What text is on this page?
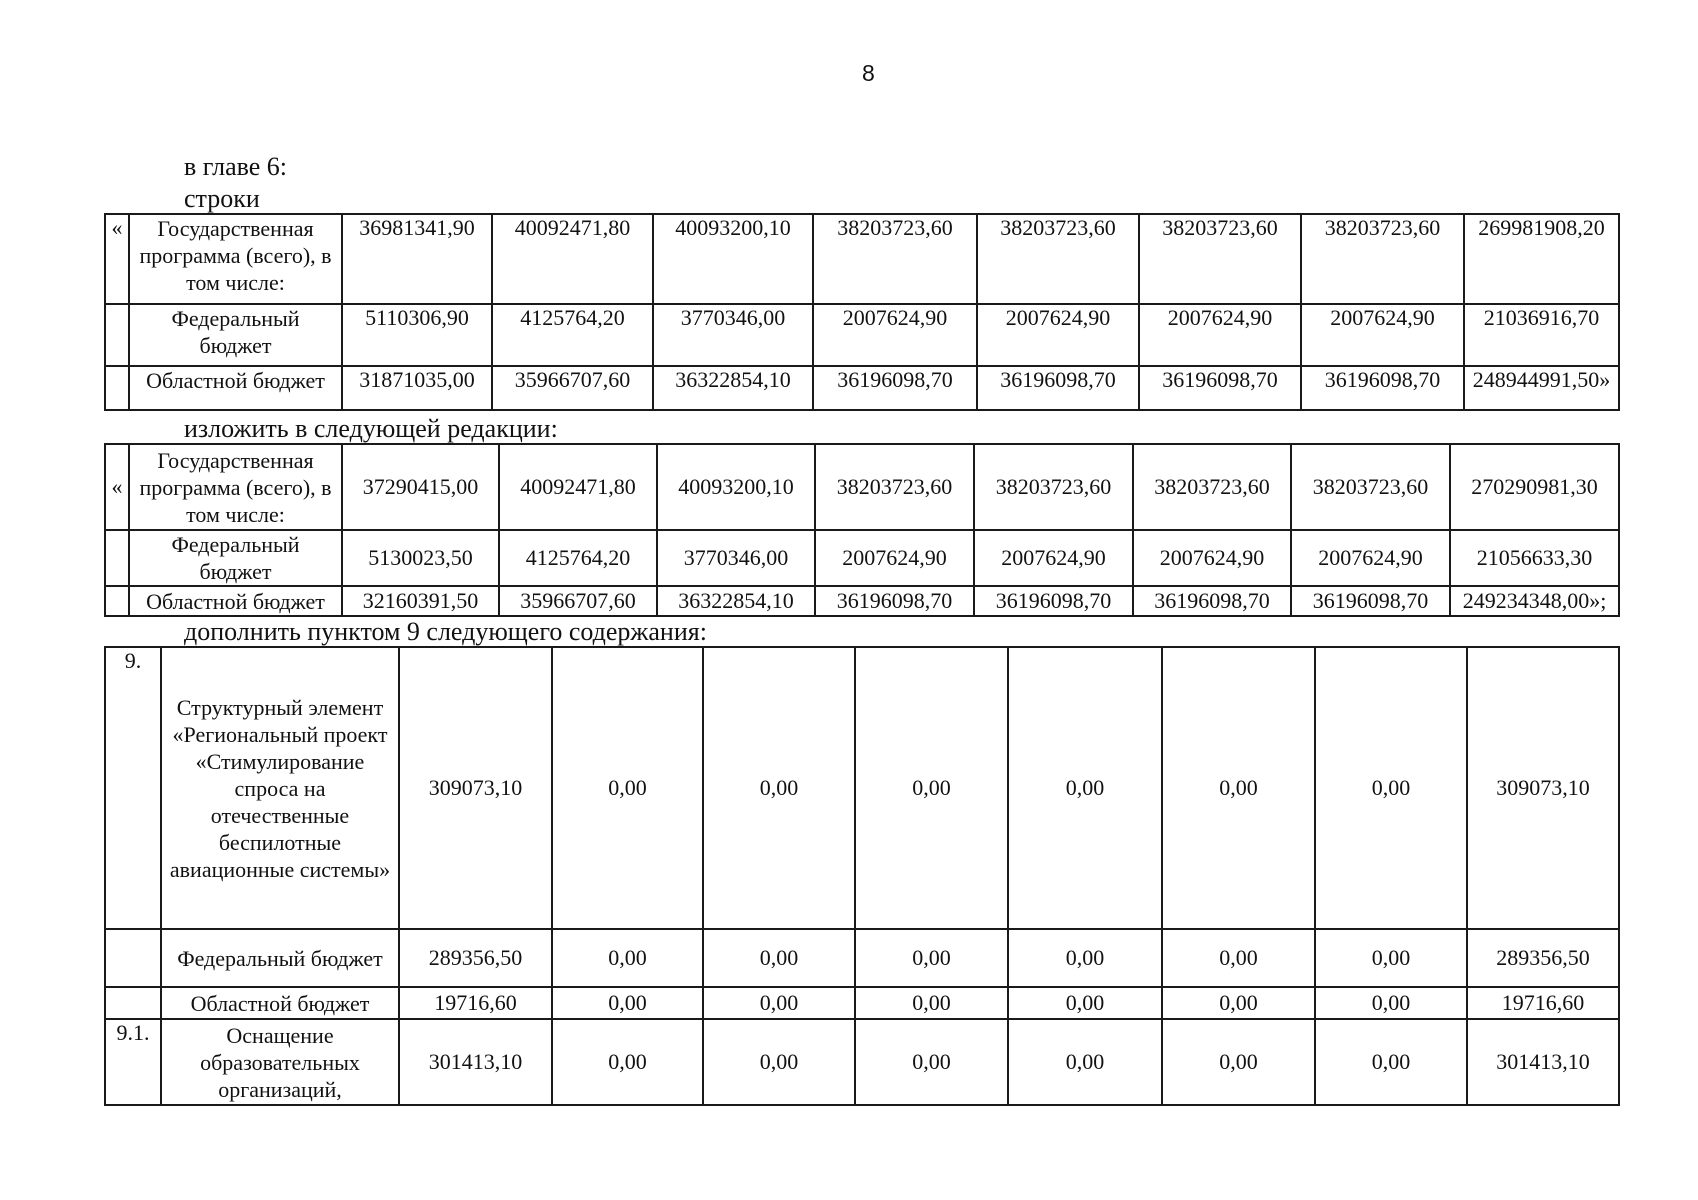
8
в главе 6:
строки
«	Государственная программа (всего), в том числе:	36981341,90	40092471,80	40093200,10	38203723,60	38203723,60	38203723,60	38203723,60	269981908,20
	Федеральный бюджет	5110306,90	4125764,20	3770346,00	2007624,90	2007624,90	2007624,90	2007624,90	21036916,70
	Областной бюджет	31871035,00	35966707,60	36322854,10	36196098,70	36196098,70	36196098,70	36196098,70	248944991,50»
изложить в следующей редакции:
«	Государственная программа (всего), в том числе:	37290415,00	40092471,80	40093200,10	38203723,60	38203723,60	38203723,60	38203723,60	270290981,30
	Федеральный бюджет	5130023,50	4125764,20	3770346,00	2007624,90	2007624,90	2007624,90	2007624,90	21056633,30
	Областной бюджет	32160391,50	35966707,60	36322854,10	36196098,70	36196098,70	36196098,70	36196098,70	249234348,00»;
дополнить пунктом 9 следующего содержания:
9.	Структурный элемент «Региональный проект «Стимулирование спроса на отечественные беспилотные авиационные системы»	309073,10	0,00	0,00	0,00	0,00	0,00	0,00	309073,10
	Федеральный бюджет	289356,50	0,00	0,00	0,00	0,00	0,00	0,00	289356,50
	Областной бюджет	19716,60	0,00	0,00	0,00	0,00	0,00	0,00	19716,60
9.1.	Оснащение образовательных организаций,	301413,10	0,00	0,00	0,00	0,00	0,00	0,00	301413,10
